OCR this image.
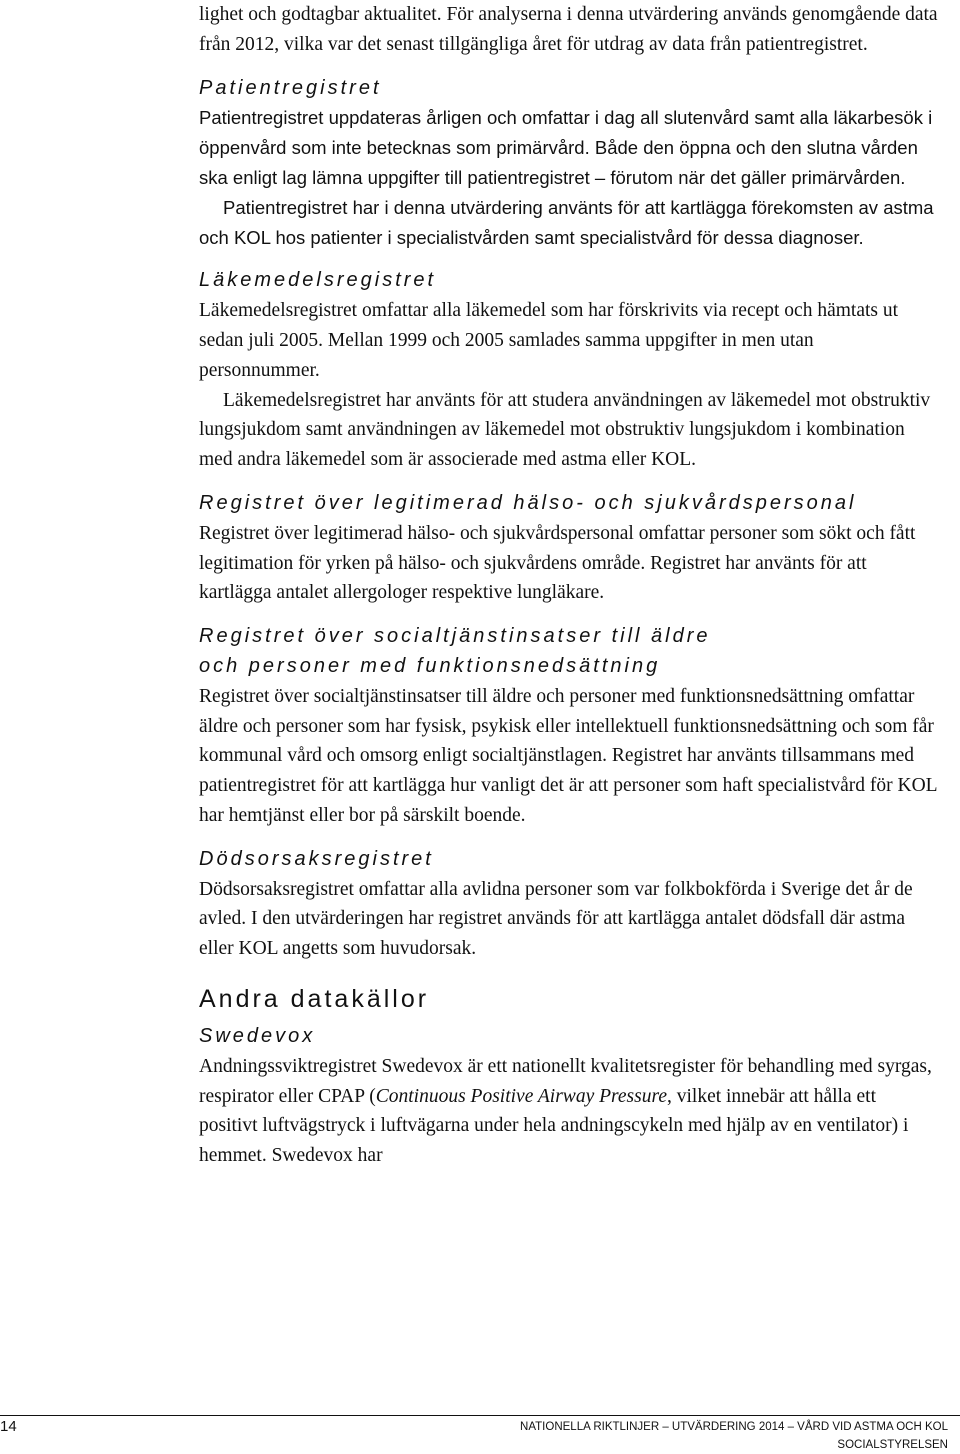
lighet och godtagbar aktualitet. För analyserna i denna utvärdering används genomgående data från 2012, vilka var det senast tillgängliga året för utdrag av data från patientregistret.

Patientregistret

Patientregistret uppdateras årligen och omfattar i dag all slutenvård samt alla läkarbesök i öppenvård som inte betecknas som primärvård. Både den öppna och den slutna vården ska enligt lag lämna uppgifter till patientregistret – förutom när det gäller primärvården.

Patientregistret har i denna utvärdering använts för att kartlägga förekomsten av astma och KOL hos patienter i specialistvården samt specialistvård för dessa diagnoser.

Läkemedelsregistret

Läkemedelsregistret omfattar alla läkemedel som har förskrivits via recept och hämtats ut sedan juli 2005. Mellan 1999 och 2005 samlades samma uppgifter in men utan personnummer.

Läkemedelsregistret har använts för att studera användningen av läkemedel mot obstruktiv lungsjukdom samt användningen av läkemedel mot obstruktiv lungsjukdom i kombination med andra läkemedel som är associerade med astma eller KOL.

Registret över legitimerad hälso- och sjukvårdspersonal

Registret över legitimerad hälso- och sjukvårdspersonal omfattar personer som sökt och fått legitimation för yrken på hälso- och sjukvårdens område. Registret har använts för att kartlägga antalet allergologer respektive lungläkare.

Registret över socialtjänstinsatser till äldre
och personer med funktionsnedsättning

Registret över socialtjänstinsatser till äldre och personer med funktionsnedsättning omfattar äldre och personer som har fysisk, psykisk eller intellektuell funktionsnedsättning och som får kommunal vård och omsorg enligt socialtjänstlagen. Registret har använts tillsammans med patientregistret för att kartlägga hur vanligt det är att personer som haft specialistvård för KOL har hemtjänst eller bor på särskilt boende.

Dödsorsaksregistret

Dödsorsaksregistret omfattar alla avlidna personer som var folkbokförda i Sverige det år de avled. I den utvärderingen har registret används för att kartlägga antalet dödsfall där astma eller KOL angetts som huvudorsak.

Andra datakällor
Swedevox

Andningssviktregistret Swedevox är ett nationellt kvalitetsregister för behandling med syrgas, respirator eller CPAP (Continuous Positive Airway Pressure, vilket innebär att hålla ett positivt luftvägstryck i luftvägarna under hela andningscykeln med hjälp av en ventilator) i hemmet. Swedevox har

14	NATIONELLA RIKTLINJER – UTVÄRDERING 2014 – VÅRD VID ASTMA OCH KOL
SOCIALSTYRELSEN
